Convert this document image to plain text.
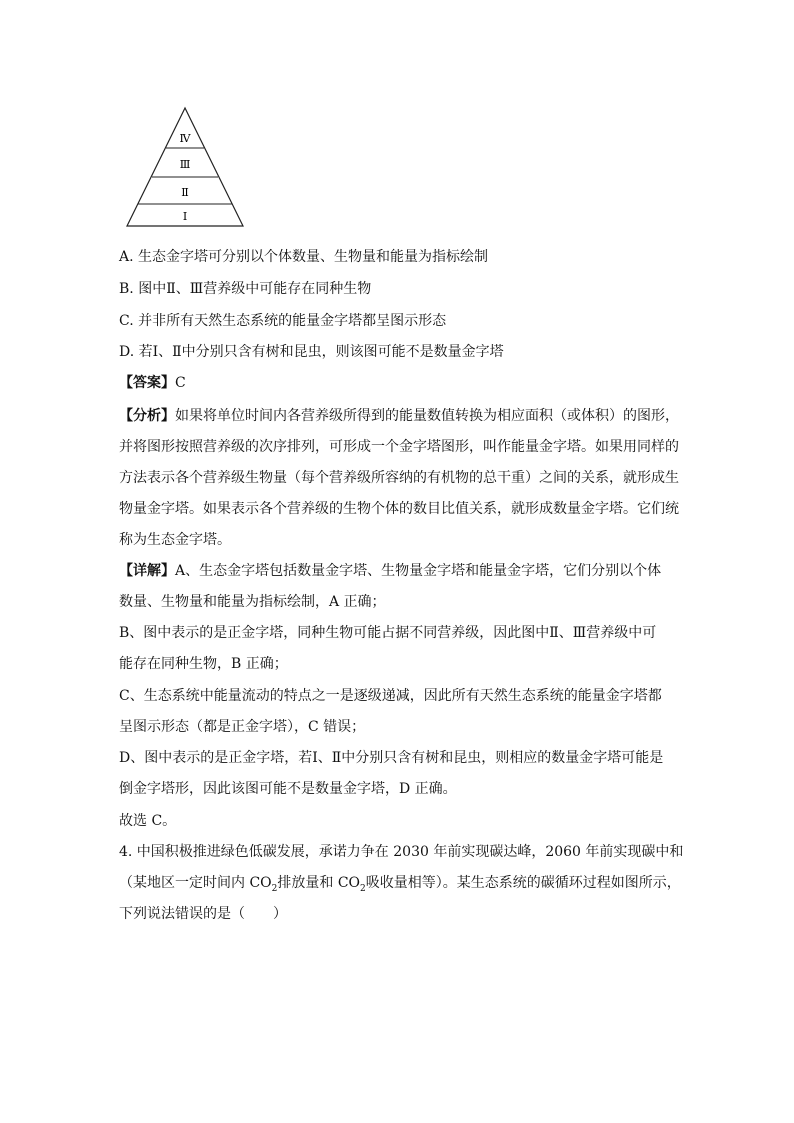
Ⅳ
Ⅲ
Ⅱ
Ⅰ
A. 生态金字塔可分别以个体数量、生物量和能量为指标绘制
B. 图中Ⅱ、Ⅲ营养级中可能存在同种生物
C. 并非所有天然生态系统的能量金字塔都呈图示形态
D. 若Ⅰ、Ⅱ中分别只含有树和昆虫，则该图可能不是数量金字塔
【答案】C
【分析】如果将单位时间内各营养级所得到的能量数值转换为相应面积（或体积）的图形，
并将图形按照营养级的次序排列，可形成一个金字塔图形，叫作能量金字塔。如果用同样的
方法表示各个营养级生物量（每个营养级所容纳的有机物的总干重）之间的关系，就形成生
物量金字塔。如果表示各个营养级的生物个体的数目比值关系，就形成数量金字塔。它们统
称为生态金字塔。
【详解】A、生态金字塔包括数量金字塔、生物量金字塔和能量金字塔，它们分别以个体
数量、生物量和能量为指标绘制，A 正确；
B、图中表示的是正金字塔，同种生物可能占据不同营养级，因此图中Ⅱ、Ⅲ营养级中可
能存在同种生物，B 正确；
C、生态系统中能量流动的特点之一是逐级递减，因此所有天然生态系统的能量金字塔都
呈图示形态（都是正金字塔），C 错误；
D、图中表示的是正金字塔，若Ⅰ、Ⅱ中分别只含有树和昆虫，则相应的数量金字塔可能是
倒金字塔形，因此该图可能不是数量金字塔，D 正确。
故选 C。
4. 中国积极推进绿色低碳发展，承诺力争在 2030 年前实现碳达峰，2060 年前实现碳中和
（某地区一定时间内 $CO_2$排放量和 $CO_2$吸收量相等）。某生态系统的碳循环过程如图所示，
下列说法错误的是（　　）
